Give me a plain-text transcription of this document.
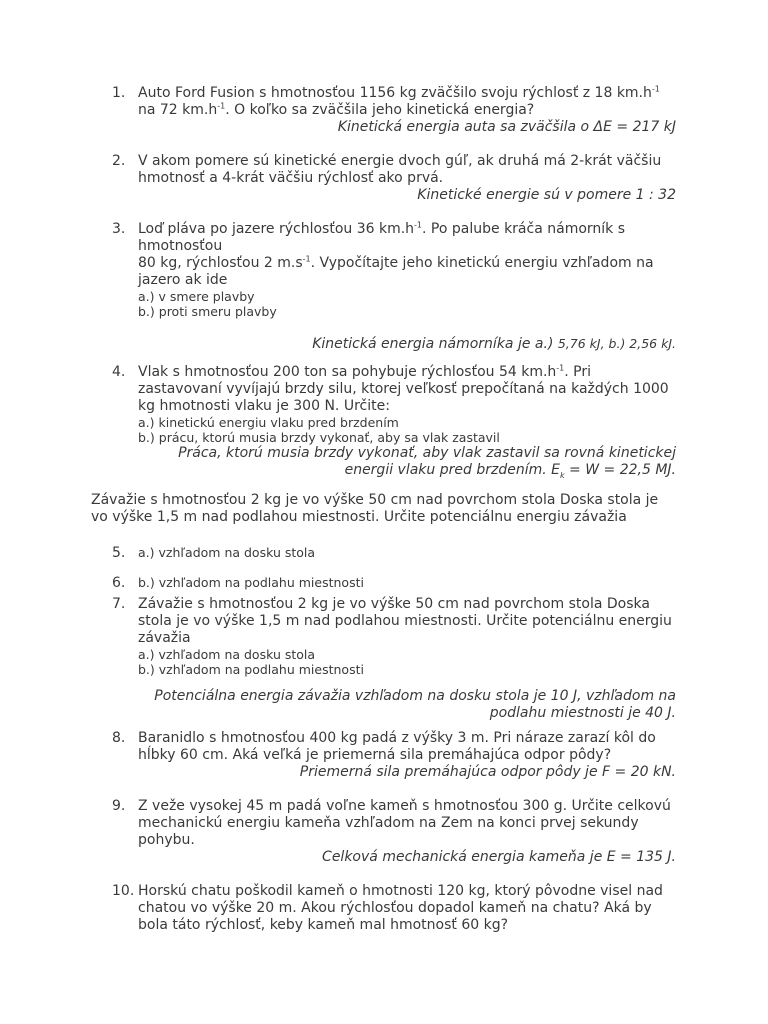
1. Auto Ford Fusion s hmotnosťou 1156 kg zväčšilo svoju rýchlosť z 18 $km.h^{-1}$ na 72 $km.h^{-1}$. O koľko sa zväčšila jeho kinetická energia?
Kinetická energia auta sa zväčšila o ΔE = 217 kJ
2. V akom pomere sú kinetické energie dvoch gúľ, ak druhá má 2-krát väčšiu hmotnosť a 4-krát väčšiu rýchlosť ako prvá.
Kinetické energie sú v pomere 1 : 32
3. Loď pláva po jazere rýchlosťou 36 $km.h^{-1}$. Po palube kráča námorník s hmotnosťou
80 kg, rýchlosťou 2 $m.s^{-1}$. Vypočítajte jeho kinetickú energiu vzhľadom na jazero ak ide
a.) v smere plavby
b.) proti smeru plavby
Kinetická energia námorníka je a.) 5,76 kJ, b.) 2,56 kJ.
4. Vlak s hmotnosťou 200 ton sa pohybuje rýchlosťou 54 $km.h^{-1}$. Pri zastavovaní vyvíjajú brzdy silu, ktorej veľkosť prepočítaná na každých 1000 kg hmotnosti vlaku je 300 N. Určite:
a.) kinetickú energiu vlaku pred brzdením
b.) prácu, ktorú musia brzdy vykonať, aby sa vlak zastavil
Práca, ktorú musia brzdy vykonať, aby vlak zastavil sa rovná kinetickej
energii vlaku pred brzdením. $E_k = W = 22,5$ MJ.
Závažie s hmotnosťou 2 kg je vo výške 50 cm nad povrchom stola Doska stola je vo výške 1,5 m nad podlahou miestnosti. Určite potenciálnu energiu závažia
5.	a.) vzhľadom na dosku stola
6.	b.) vzhľadom na podlahu miestnosti
7. Závažie s hmotnosťou 2 kg je vo výške 50 cm nad povrchom stola Doska stola je vo výške 1,5 m nad podlahou miestnosti. Určite potenciálnu energiu závažia
a.) vzhľadom na dosku stola
b.) vzhľadom na podlahu miestnosti
Potenciálna energia závažia vzhľadom na dosku stola je 10 J, vzhľadom na
podlahu miestnosti je 40 J.
8. Baranidlo s hmotnosťou 400 kg padá z výšky 3 m. Pri náraze zarazí kôl do hĺbky 60 cm. Aká veľká je priemerná sila premáhajúca odpor pôdy?
Priemerná sila premáhajúca odpor pôdy je F = 20 kN.
9. Z veže vysokej 45 m padá voľne kameň s hmotnosťou 300 g. Určite celkovú mechanickú energiu kameňa vzhľadom na Zem na konci prvej sekundy pohybu.
Celková mechanická energia kameňa je E = 135 J.
10. Horskú chatu poškodil kameň o hmotnosti 120 kg, ktorý pôvodne visel nad chatou vo výške 20 m. Akou rýchlosťou dopadol kameň na chatu? Aká by bola táto rýchlosť, keby kameň mal hmotnosť 60 kg?
